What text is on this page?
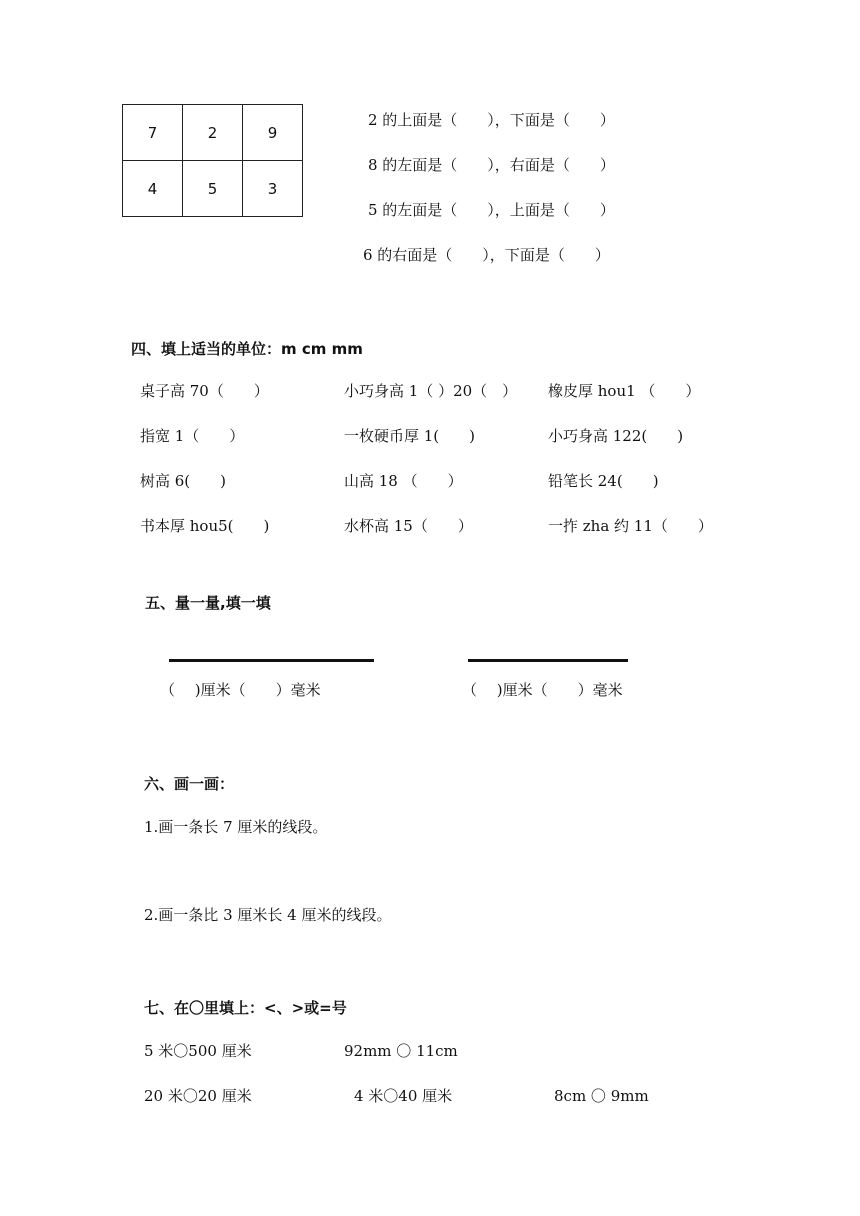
7	2	9
4	5	3
2 的上面是（　　），下面是（　　）
8 的左面是（　　），右面是（　　）
5 的左面是（　　），上面是（　　）
6 的右面是（　　），下面是（　　）
四、填上适当的单位：m cm mm
桌子高 70（　　）	小巧身高 1（ ）20（　） 橡皮厚 hou1 （　　）
指宽 1（　　）	一枚硬币厚 1(　　)	小巧身高 122(　　)
树高 6(　　)	山高 18 （　　）	铅笔长 24(　　)
书本厚 hou5(　　)	水杯高 15（　　）	一拃 zha 约 11（　　）
五、量一量,填一填
（　 )厘米（　　）毫米	（　 )厘米（　　）毫米
六、画一画：
1.画一条长 7 厘米的线段。
2.画一条比 3 厘米长 4 厘米的线段。
七、在〇里填上：<、>或=号
5 米〇500 厘米	92mm 〇 11cm
20 米〇20 厘米	4 米〇40 厘米	8cm 〇 9mm
